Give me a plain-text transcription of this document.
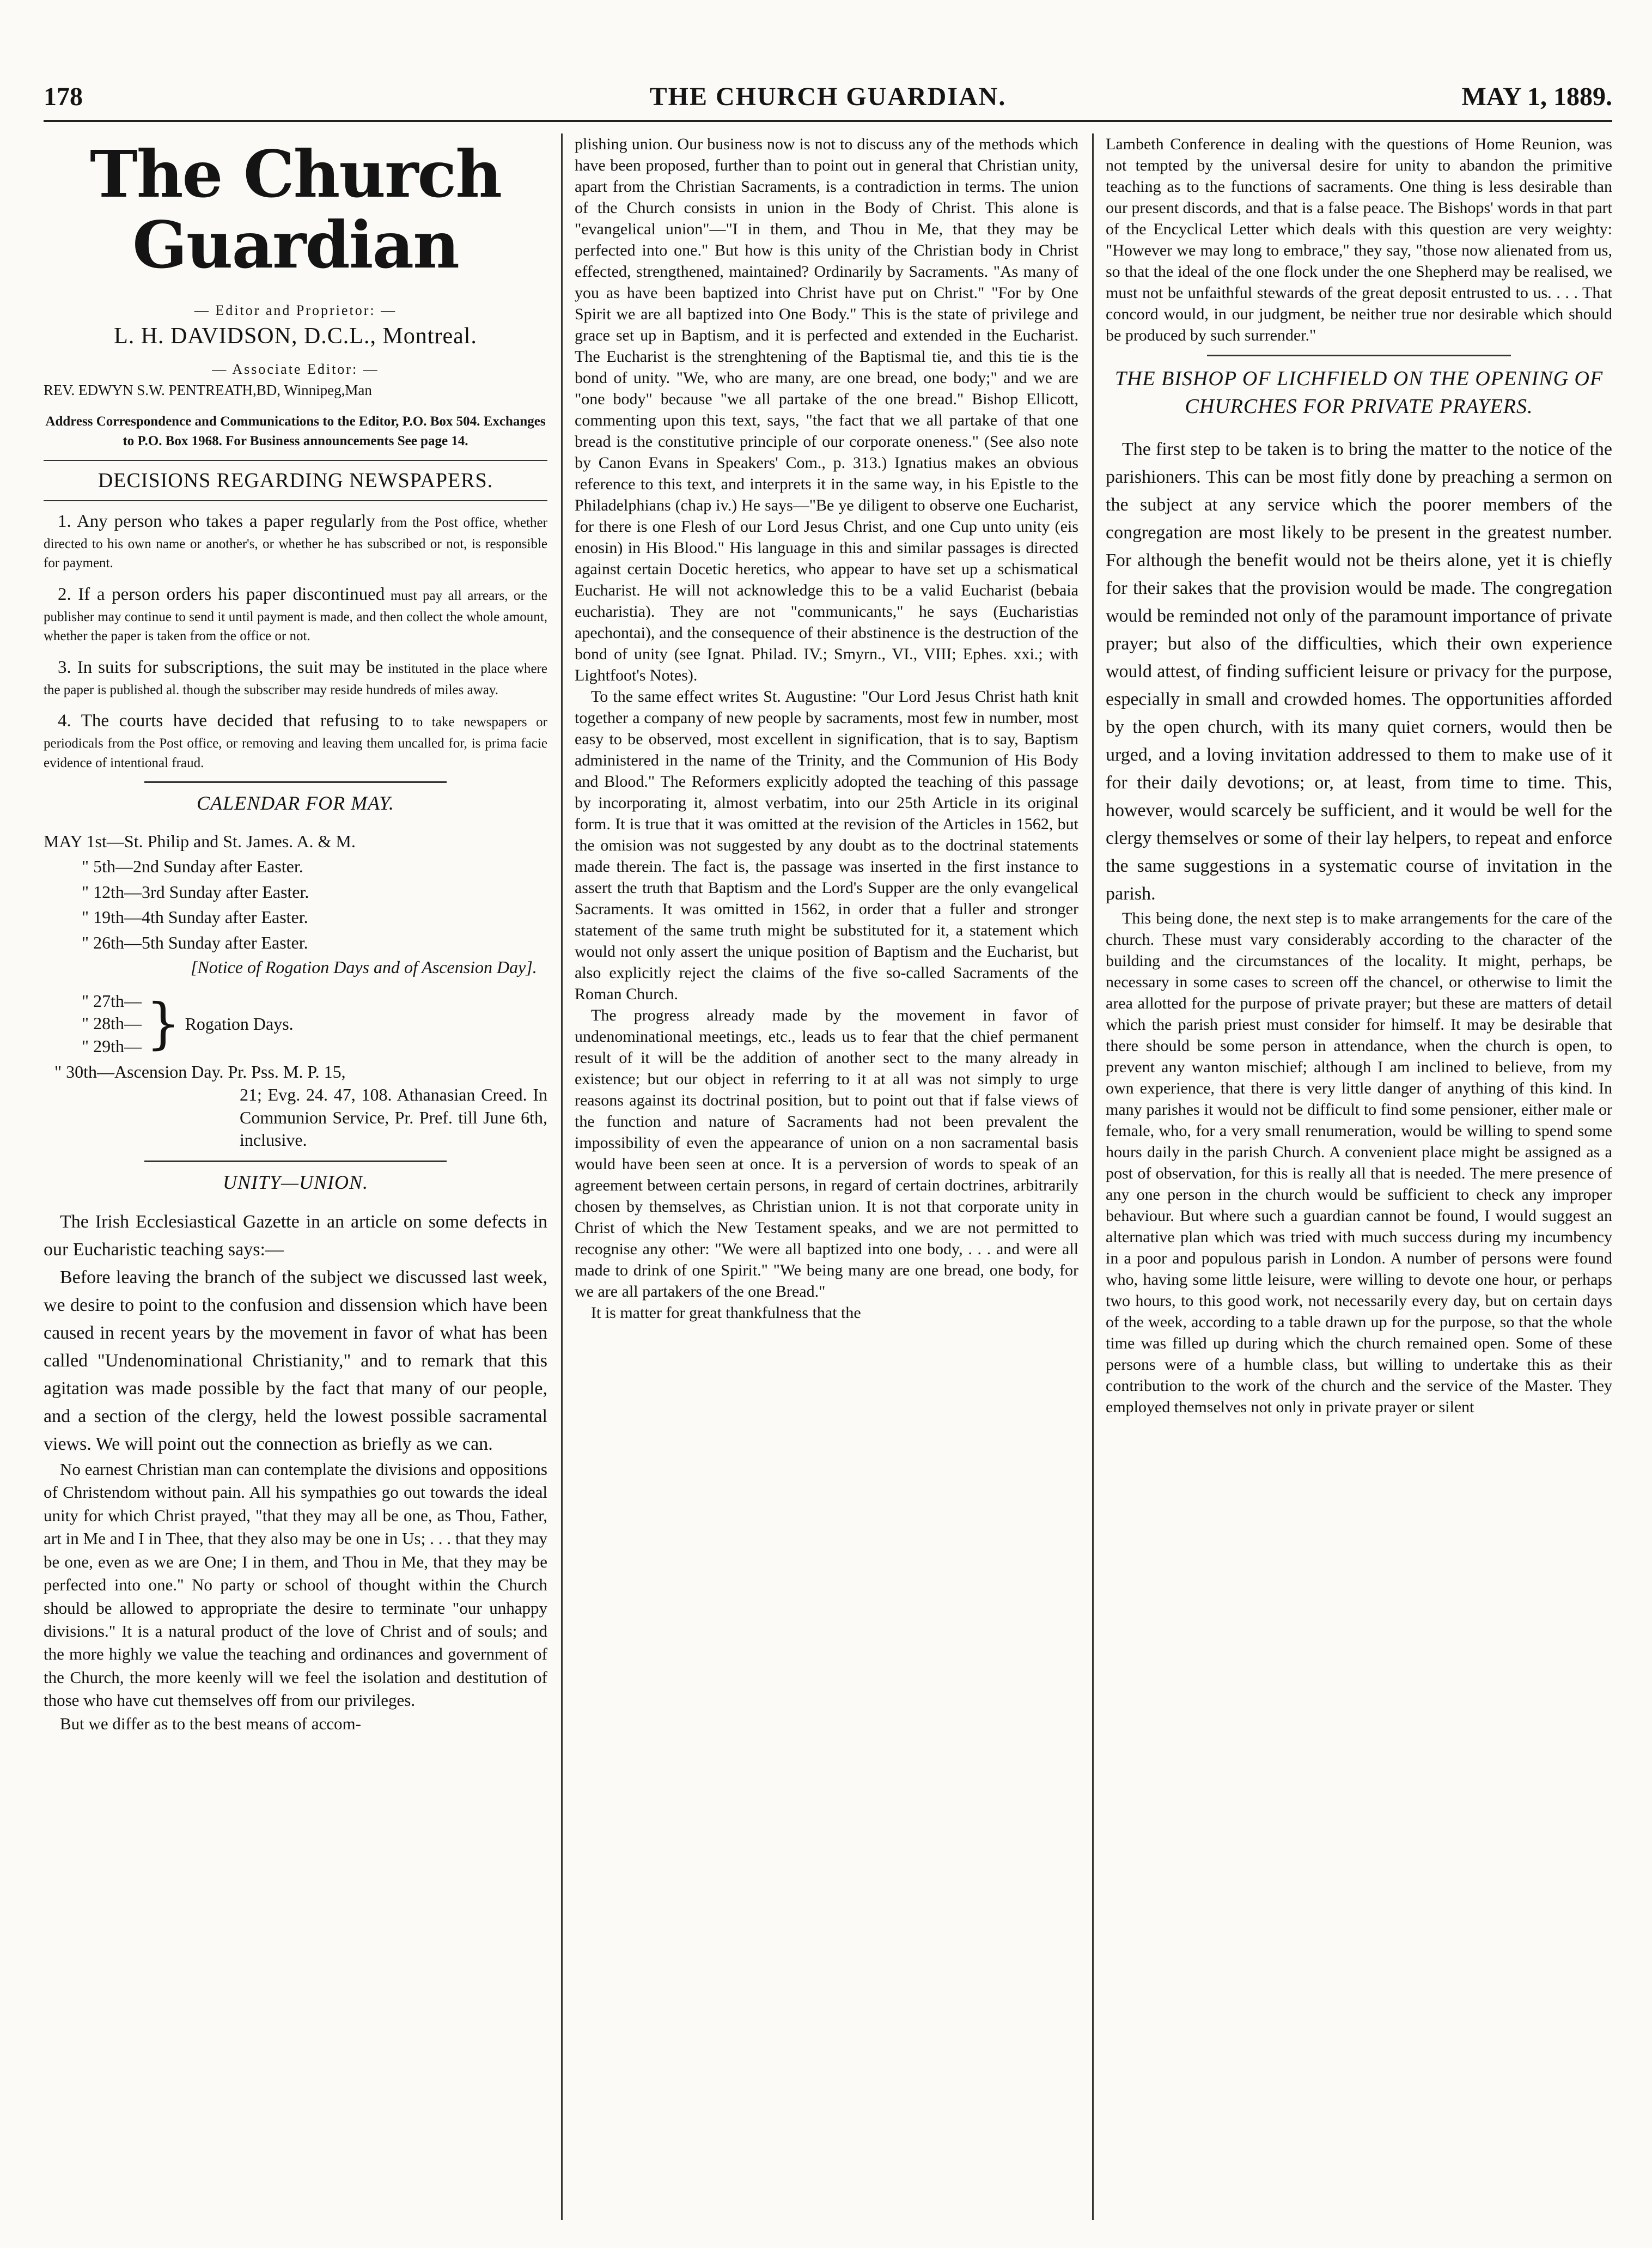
178	THE CHURCH GUARDIAN.	MAY 1, 1889.
The Church Guardian
— Editor and Proprietor: —
L. H. DAVIDSON, D.C.L., Montreal.
— Associate Editor: —
REV. EDWYN S.W. PENTREATH,BD, Winnipeg,Man
Address Correspondence and Communications to the Editor, P.O. Box 504. Exchanges to P.O. Box 1968. For Business announcements See page 14.
DECISIONS REGARDING NEWSPAPERS.

1. Any person who takes a paper regularly from the Post office, whether directed to his own name or another's, or whether he has subscribed or not, is responsible for payment.

2. If a person orders his paper discontinued must pay all arrears, or the publisher may continue to send it until payment is made, and then collect the whole amount, whether the paper is taken from the office or not.

3. In suits for subscriptions, the suit may be instituted in the place where the paper is published al. though the subscriber may reside hundreds of miles away.

4. The courts have decided that refusing to to take newspapers or periodicals from the Post office, or removing and leaving them uncalled for, is prima facie evidence of intentional fraud.

CALENDAR FOR MAY.

MAY 1st—St. Philip and St. James. A. & M.

" 5th—2nd Sunday after Easter.

" 12th—3rd Sunday after Easter.

" 19th—4th Sunday after Easter.

" 26th—5th Sunday after Easter.

[Notice of Rogation Days and of Ascension Day].

" 27th—
" 28th—
" 29th— } Rogation Days.
" 30th—Ascension Day. Pr. Pss. M. P. 15,
21; Evg. 24. 47, 108. Athanasian Creed. In Communion Service, Pr. Pref. till June 6th, inclusive.
UNITY—UNION.

The Irish Ecclesiastical Gazette in an article on some defects in our Eucharistic teaching says:—

Before leaving the branch of the subject we discussed last week, we desire to point to the confusion and dissension which have been caused in recent years by the movement in favor of what has been called "Undenominational Christianity," and to remark that this agitation was made possible by the fact that many of our people, and a section of the clergy, held the lowest possible sacramental views. We will point out the connection as briefly as we can.

No earnest Christian man can contemplate the divisions and oppositions of Christendom without pain. All his sympathies go out towards the ideal unity for which Christ prayed, "that they may all be one, as Thou, Father, art in Me and I in Thee, that they also may be one in Us; . . . that they may be one, even as we are One; I in them, and Thou in Me, that they may be perfected into one." No party or school of thought within the Church should be allowed to appropriate the desire to terminate "our unhappy divisions." It is a natural product of the love of Christ and of souls; and the more highly we value the teaching and ordinances and government of the Church, the more keenly will we feel the isolation and destitution of those who have cut themselves off from our privileges.

But we differ as to the best means of accom-

plishing union. Our business now is not to discuss any of the methods which have been proposed, further than to point out in general that Christian unity, apart from the Christian Sacraments, is a contradiction in terms. The union of the Church consists in union in the Body of Christ. This alone is "evangelical union"—"I in them, and Thou in Me, that they may be perfected into one." But how is this unity of the Christian body in Christ effected, strengthened, maintained? Ordinarily by Sacraments. "As many of you as have been baptized into Christ have put on Christ." "For by One Spirit we are all baptized into One Body." This is the state of privilege and grace set up in Baptism, and it is perfected and extended in the Eucharist. The Eucharist is the strenghtening of the Baptismal tie, and this tie is the bond of unity. "We, who are many, are one bread, one body;" and we are "one body" because "we all partake of the one bread." Bishop Ellicott, commenting upon this text, says, "the fact that we all partake of that one bread is the constitutive principle of our corporate oneness." (See also note by Canon Evans in Speakers' Com., p. 313.) Ignatius makes an obvious reference to this text, and interprets it in the same way, in his Epistle to the Philadelphians (chap iv.) He says—"Be ye diligent to observe one Eucharist, for there is one Flesh of our Lord Jesus Christ, and one Cup unto unity (eis enosin) in His Blood." His language in this and similar passages is directed against certain Docetic heretics, who appear to have set up a schismatical Eucharist. He will not acknowledge this to be a valid Eucharist (bebaia eucharistia). They are not "communicants," he says (Eucharistias apechontai), and the consequence of their abstinence is the destruction of the bond of unity (see Ignat. Philad. IV.; Smyrn., VI., VIII; Ephes. xxi.; with Lightfoot's Notes).

To the same effect writes St. Augustine: "Our Lord Jesus Christ hath knit together a company of new people by sacraments, most few in number, most easy to be observed, most excellent in signification, that is to say, Baptism administered in the name of the Trinity, and the Communion of His Body and Blood." The Reformers explicitly adopted the teaching of this passage by incorporating it, almost verbatim, into our 25th Article in its original form. It is true that it was omitted at the revision of the Articles in 1562, but the omision was not suggested by any doubt as to the doctrinal statements made therein. The fact is, the passage was inserted in the first instance to assert the truth that Baptism and the Lord's Supper are the only evangelical Sacraments. It was omitted in 1562, in order that a fuller and stronger statement of the same truth might be substituted for it, a statement which would not only assert the unique position of Baptism and the Eucharist, but also explicitly reject the claims of the five so-called Sacraments of the Roman Church.

The progress already made by the movement in favor of undenominational meetings, etc., leads us to fear that the chief permanent result of it will be the addition of another sect to the many already in existence; but our object in referring to it at all was not simply to urge reasons against its doctrinal position, but to point out that if false views of the function and nature of Sacraments had not been prevalent the impossibility of even the appearance of union on a non sacramental basis would have been seen at once. It is a perversion of words to speak of an agreement between certain persons, in regard of certain doctrines, arbitrarily chosen by themselves, as Christian union. It is not that corporate unity in Christ of which the New Testament speaks, and we are not permitted to recognise any other: "We were all baptized into one body, . . . and were all made to drink of one Spirit." "We being many are one bread, one body, for we are all partakers of the one Bread."

It is matter for great thankfulness that the

Lambeth Conference in dealing with the questions of Home Reunion, was not tempted by the universal desire for unity to abandon the primitive teaching as to the functions of sacraments. One thing is less desirable than our present discords, and that is a false peace. The Bishops' words in that part of the Encyclical Letter which deals with this question are very weighty: "However we may long to embrace," they say, "those now alienated from us, so that the ideal of the one flock under the one Shepherd may be realised, we must not be unfaithful stewards of the great deposit entrusted to us. . . . That concord would, in our judgment, be neither true nor desirable which should be produced by such surrender."

THE BISHOP OF LICHFIELD ON THE OPENING OF CHURCHES FOR PRIVATE PRAYERS.

The first step to be taken is to bring the matter to the notice of the parishioners. This can be most fitly done by preaching a sermon on the subject at any service which the poorer members of the congregation are most likely to be present in the greatest number. For although the benefit would not be theirs alone, yet it is chiefly for their sakes that the provision would be made. The congregation would be reminded not only of the paramount importance of private prayer; but also of the difficulties, which their own experience would attest, of finding sufficient leisure or privacy for the purpose, especially in small and crowded homes. The opportunities afforded by the open church, with its many quiet corners, would then be urged, and a loving invitation addressed to them to make use of it for their daily devotions; or, at least, from time to time. This, however, would scarcely be sufficient, and it would be well for the clergy themselves or some of their lay helpers, to repeat and enforce the same suggestions in a systematic course of invitation in the parish.

This being done, the next step is to make arrangements for the care of the church. These must vary considerably according to the character of the building and the circumstances of the locality. It might, perhaps, be necessary in some cases to screen off the chancel, or otherwise to limit the area allotted for the purpose of private prayer; but these are matters of detail which the parish priest must consider for himself. It may be desirable that there should be some person in attendance, when the church is open, to prevent any wanton mischief; although I am inclined to believe, from my own experience, that there is very little danger of anything of this kind. In many parishes it would not be difficult to find some pensioner, either male or female, who, for a very small renumeration, would be willing to spend some hours daily in the parish Church. A convenient place might be assigned as a post of observation, for this is really all that is needed. The mere presence of any one person in the church would be sufficient to check any improper behaviour. But where such a guardian cannot be found, I would suggest an alternative plan which was tried with much success during my incumbency in a poor and populous parish in London. A number of persons were found who, having some little leisure, were willing to devote one hour, or perhaps two hours, to this good work, not necessarily every day, but on certain days of the week, according to a table drawn up for the purpose, so that the whole time was filled up during which the church remained open. Some of these persons were of a humble class, but willing to undertake this as their contribution to the work of the church and the service of the Master. They employed themselves not only in private prayer or silent
